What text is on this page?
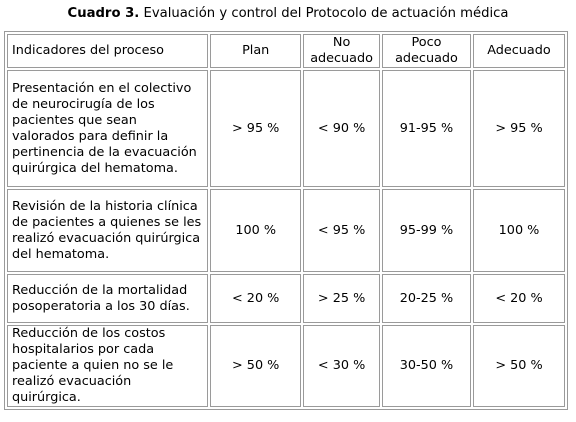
Cuadro 3. Evaluación y control del Protocolo de actuación médica
Indicadores del proceso	Plan	No adecuado	Poco adecuado	Adecuado
Presentación en el colectivo de neurocirugía de los pacientes que sean valorados para definir la pertinencia de la evacuación quirúrgica del hematoma.	> 95 %	< 90 %	91-95 %	> 95 %
Revisión de la historia clínica de pacientes a quienes se les realizó evacuación quirúrgica del hematoma.	100 %	< 95 %	95-99 %	100 %
Reducción de la mortalidad posoperatoria a los 30 días.	< 20 %	> 25 %	20-25 %	< 20 %
Reducción de los costos hospitalarios por cada paciente a quien no se le realizó evacuación quirúrgica.	> 50 %	< 30 %	30-50 %	> 50 %
